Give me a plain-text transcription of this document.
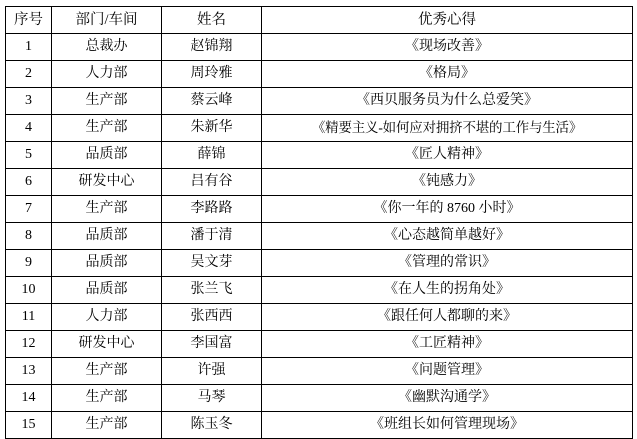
序号	部门/车间	姓名	优秀心得
1	总裁办	赵锦翔	《现场改善》
2	人力部	周玲雅	《格局》
3	生产部	蔡云峰	《西贝服务员为什么总爱笑》
4	生产部	朱新华	《精要主义-如何应对拥挤不堪的工作与生活》
5	品质部	薛锦	《匠人精神》
6	研发中心	吕有谷	《钝感力》
7	生产部	李路路	《你一年的 8760 小时》
8	品质部	潘于清	《心态越简单越好》
9	品质部	吴文芽	《管理的常识》
10	品质部	张兰飞	《在人生的拐角处》
11	人力部	张西西	《跟任何人都聊的来》
12	研发中心	李国富	《工匠精神》
13	生产部	许强	《问题管理》
14	生产部	马琴	《幽默沟通学》
15	生产部	陈玉冬	《班组长如何管理现场》
